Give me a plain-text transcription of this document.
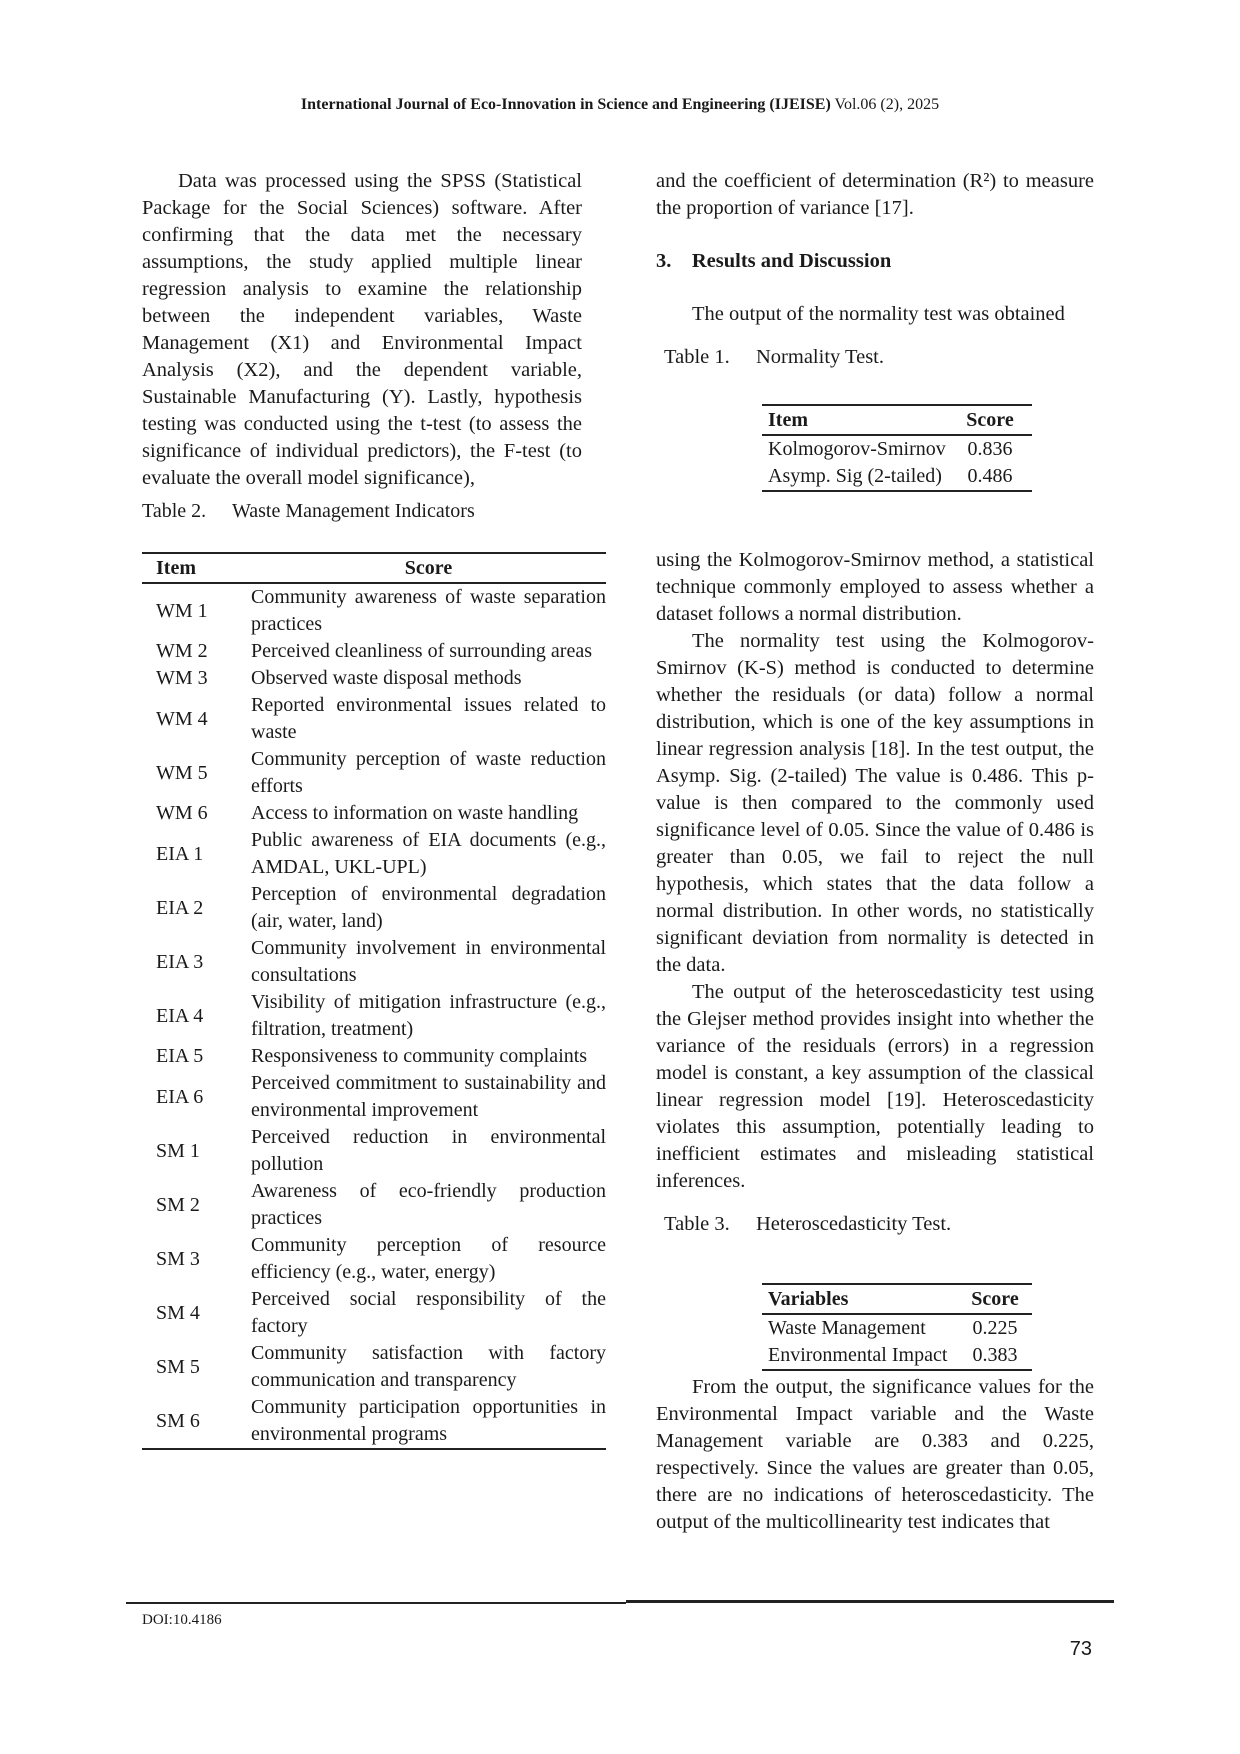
International Journal of Eco-Innovation in Science and Engineering (IJEISE) Vol.06 (2), 2025

Data was processed using the SPSS (Statistical Package for the Social Sciences) software. After confirming that the data met the necessary assumptions, the study applied multiple linear regression analysis to examine the relationship between the independent variables, Waste Management (X1) and Environmental Impact Analysis (X2), and the dependent variable, Sustainable Manufacturing (Y). Lastly, hypothesis testing was conducted using the t-test (to assess the significance of individual predictors), the F-test (to evaluate the overall model significance),

Table 2.	Waste Management Indicators
Item	Score
WM 1	Community awareness of waste separation practices
WM 2	Perceived cleanliness of surrounding areas
WM 3	Observed waste disposal methods
WM 4	Reported environmental issues related to waste
WM 5	Community perception of waste reduction efforts
WM 6	Access to information on waste handling
EIA 1	Public awareness of EIA documents (e.g., AMDAL, UKL-UPL)
EIA 2	Perception of environmental degradation (air, water, land)
EIA 3	Community involvement in environmental consultations
EIA 4	Visibility of mitigation infrastructure (e.g., filtration, treatment)
EIA 5	Responsiveness to community complaints
EIA 6	Perceived commitment to sustainability and environmental improvement
SM 1	Perceived reduction in environmental pollution
SM 2	Awareness of eco-friendly production practices
SM 3	Community perception of resource efficiency (e.g., water, energy)
SM 4	Perceived social responsibility of the factory
SM 5	Community satisfaction with factory communication and transparency
SM 6	Community participation opportunities in environmental programs

and the coefficient of determination (R²) to measure the proportion of variance [17].

3. Results and Discussion

The output of the normality test was obtained

Table 1.	Normality Test.

using the Kolmogorov-Smirnov method, a statistical technique commonly employed to assess whether a dataset follows a normal distribution.

The normality test using the Kolmogorov-Smirnov (K-S) method is conducted to determine whether the residuals (or data) follow a normal distribution, which is one of the key assumptions in linear regression analysis [18]. In the test output, the Asymp. Sig. (2-tailed) The value is 0.486. This p-value is then compared to the commonly used significance level of 0.05. Since the value of 0.486 is greater than 0.05, we fail to reject the null hypothesis, which states that the data follow a normal distribution. In other words, no statistically significant deviation from normality is detected in the data.

The output of the heteroscedasticity test using the Glejser method provides insight into whether the variance of the residuals (errors) in a regression model is constant, a key assumption of the classical linear regression model [19]. Heteroscedasticity violates this assumption, potentially leading to inefficient estimates and misleading statistical inferences.

Table 3.	Heteroscedasticity Test.

From the output, the significance values for the Environmental Impact variable and the Waste Management variable are 0.383 and 0.225, respectively. Since the values are greater than 0.05, there are no indications of heteroscedasticity. The output of the multicollinearity test indicates that

Item	Score
Kolmogorov-Smirnov	0.836
Asymp. Sig (2-tailed)	0.486
Variables	Score
Waste Management	0.225
Environmental Impact	0.383
DOI:10.4186
73
